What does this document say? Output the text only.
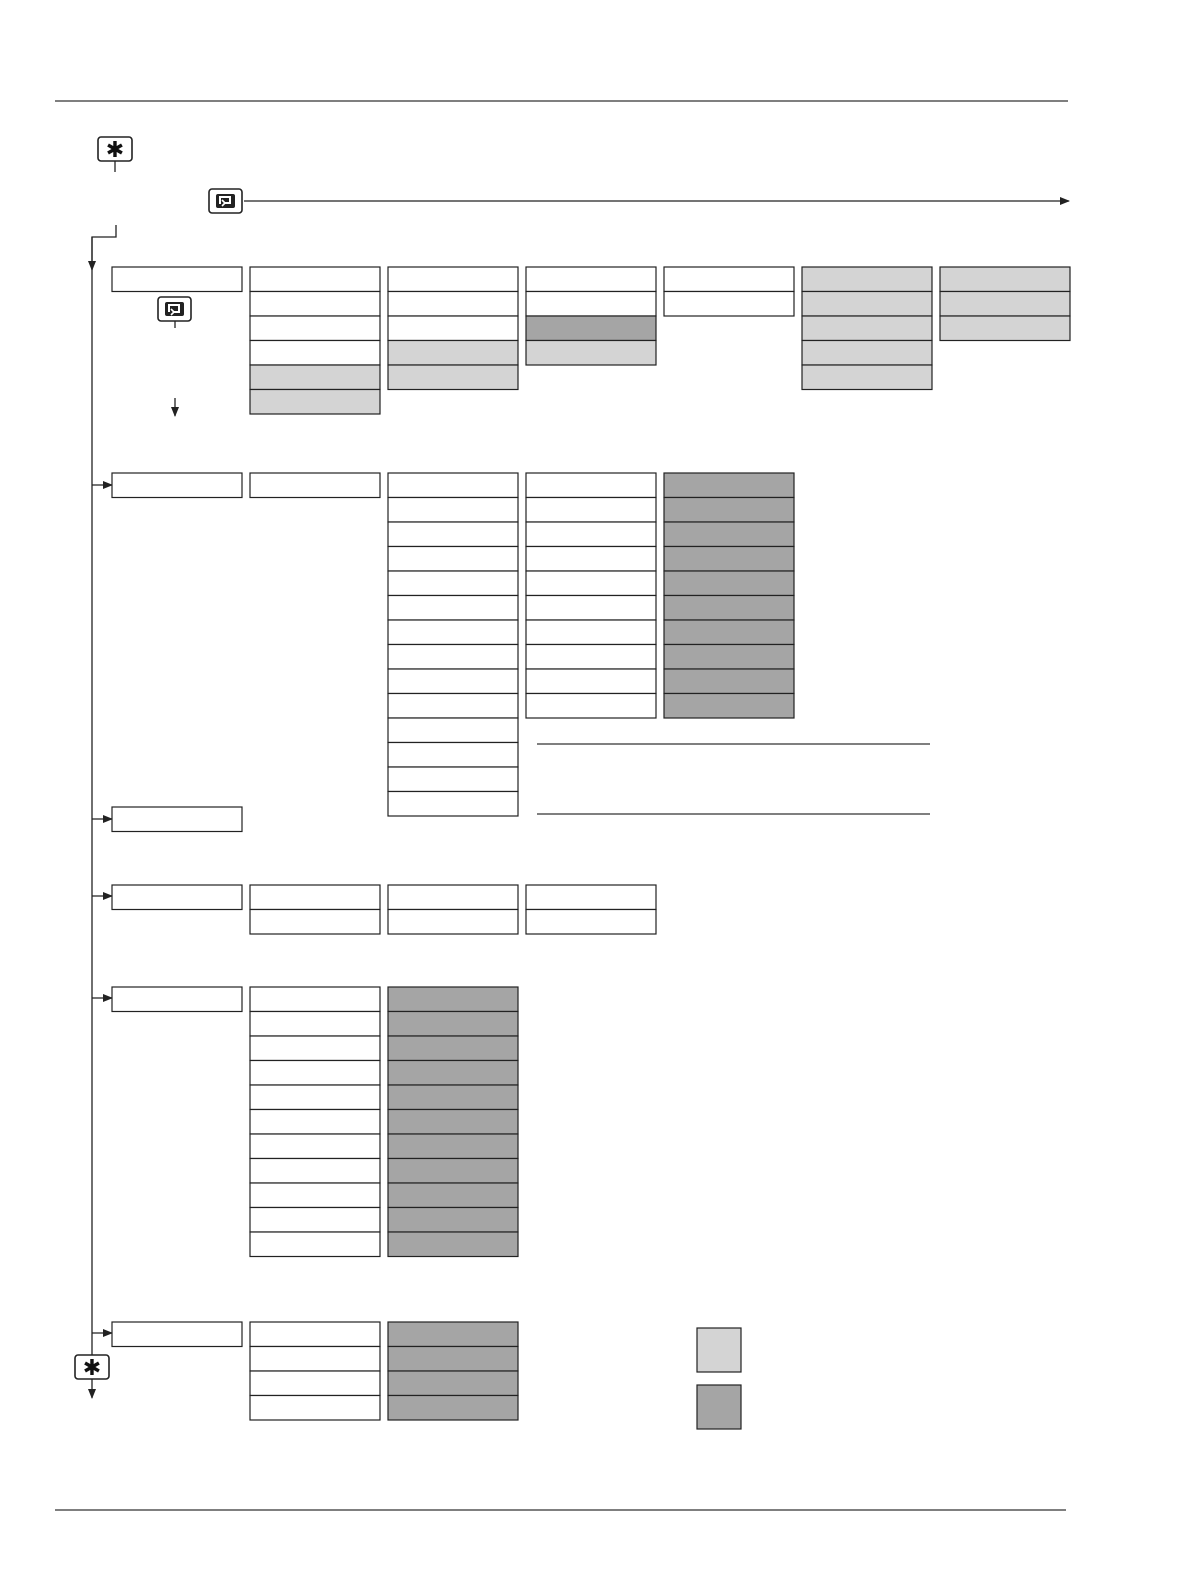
✱
✱
